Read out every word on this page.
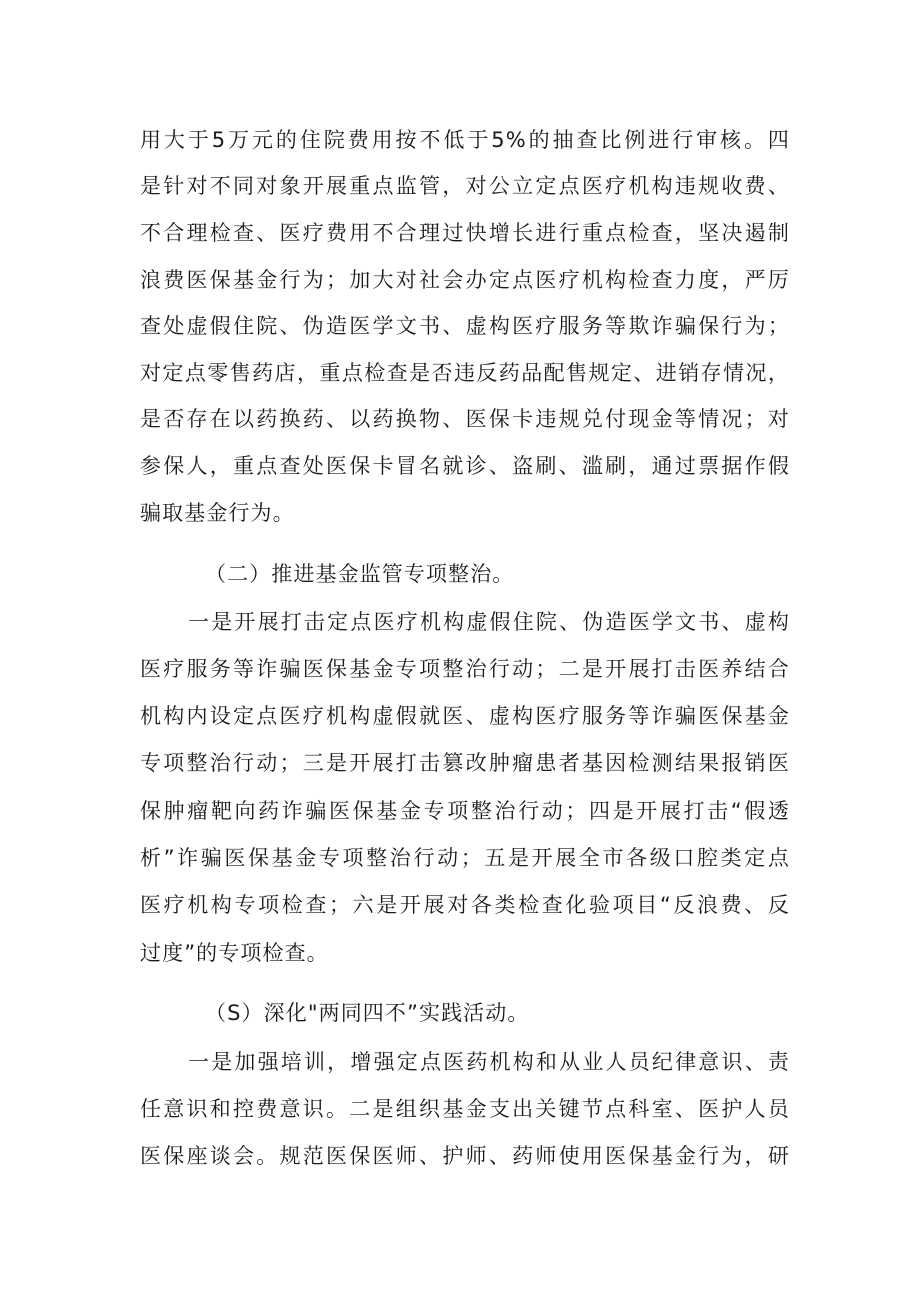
用大于5万元的住院费用按不低于5%的抽查比例进行审核。四
是针对不同对象开展重点监管，对公立定点医疗机构违规收费、
不合理检查、医疗费用不合理过快增长进行重点检查，坚决遏制
浪费医保基金行为；加大对社会办定点医疗机构检查力度，严厉
查处虚假住院、伪造医学文书、虚构医疗服务等欺诈骗保行为；
对定点零售药店，重点检查是否违反药品配售规定、进销存情况，
是否存在以药换药、以药换物、医保卡违规兑付现金等情况；对
参保人，重点查处医保卡冒名就诊、盗刷、滥刷，通过票据作假
骗取基金行为。
（二）推进基金监管专项整治。
一是开展打击定点医疗机构虚假住院、伪造医学文书、虚构
医疗服务等诈骗医保基金专项整治行动；二是开展打击医养结合
机构内设定点医疗机构虚假就医、虚构医疗服务等诈骗医保基金
专项整治行动；三是开展打击篡改肿瘤患者基因检测结果报销医
保肿瘤靶向药诈骗医保基金专项整治行动；四是开展打击“假透
析”诈骗医保基金专项整治行动；五是开展全市各级口腔类定点
医疗机构专项检查；六是开展对各类检查化验项目“反浪费、反
过度”的专项检查。
（S）深化"两同四不”实践活动。
一是加强培训，增强定点医药机构和从业人员纪律意识、责
任意识和控费意识。二是组织基金支出关键节点科室、医护人员
医保座谈会。规范医保医师、护师、药师使用医保基金行为，研
